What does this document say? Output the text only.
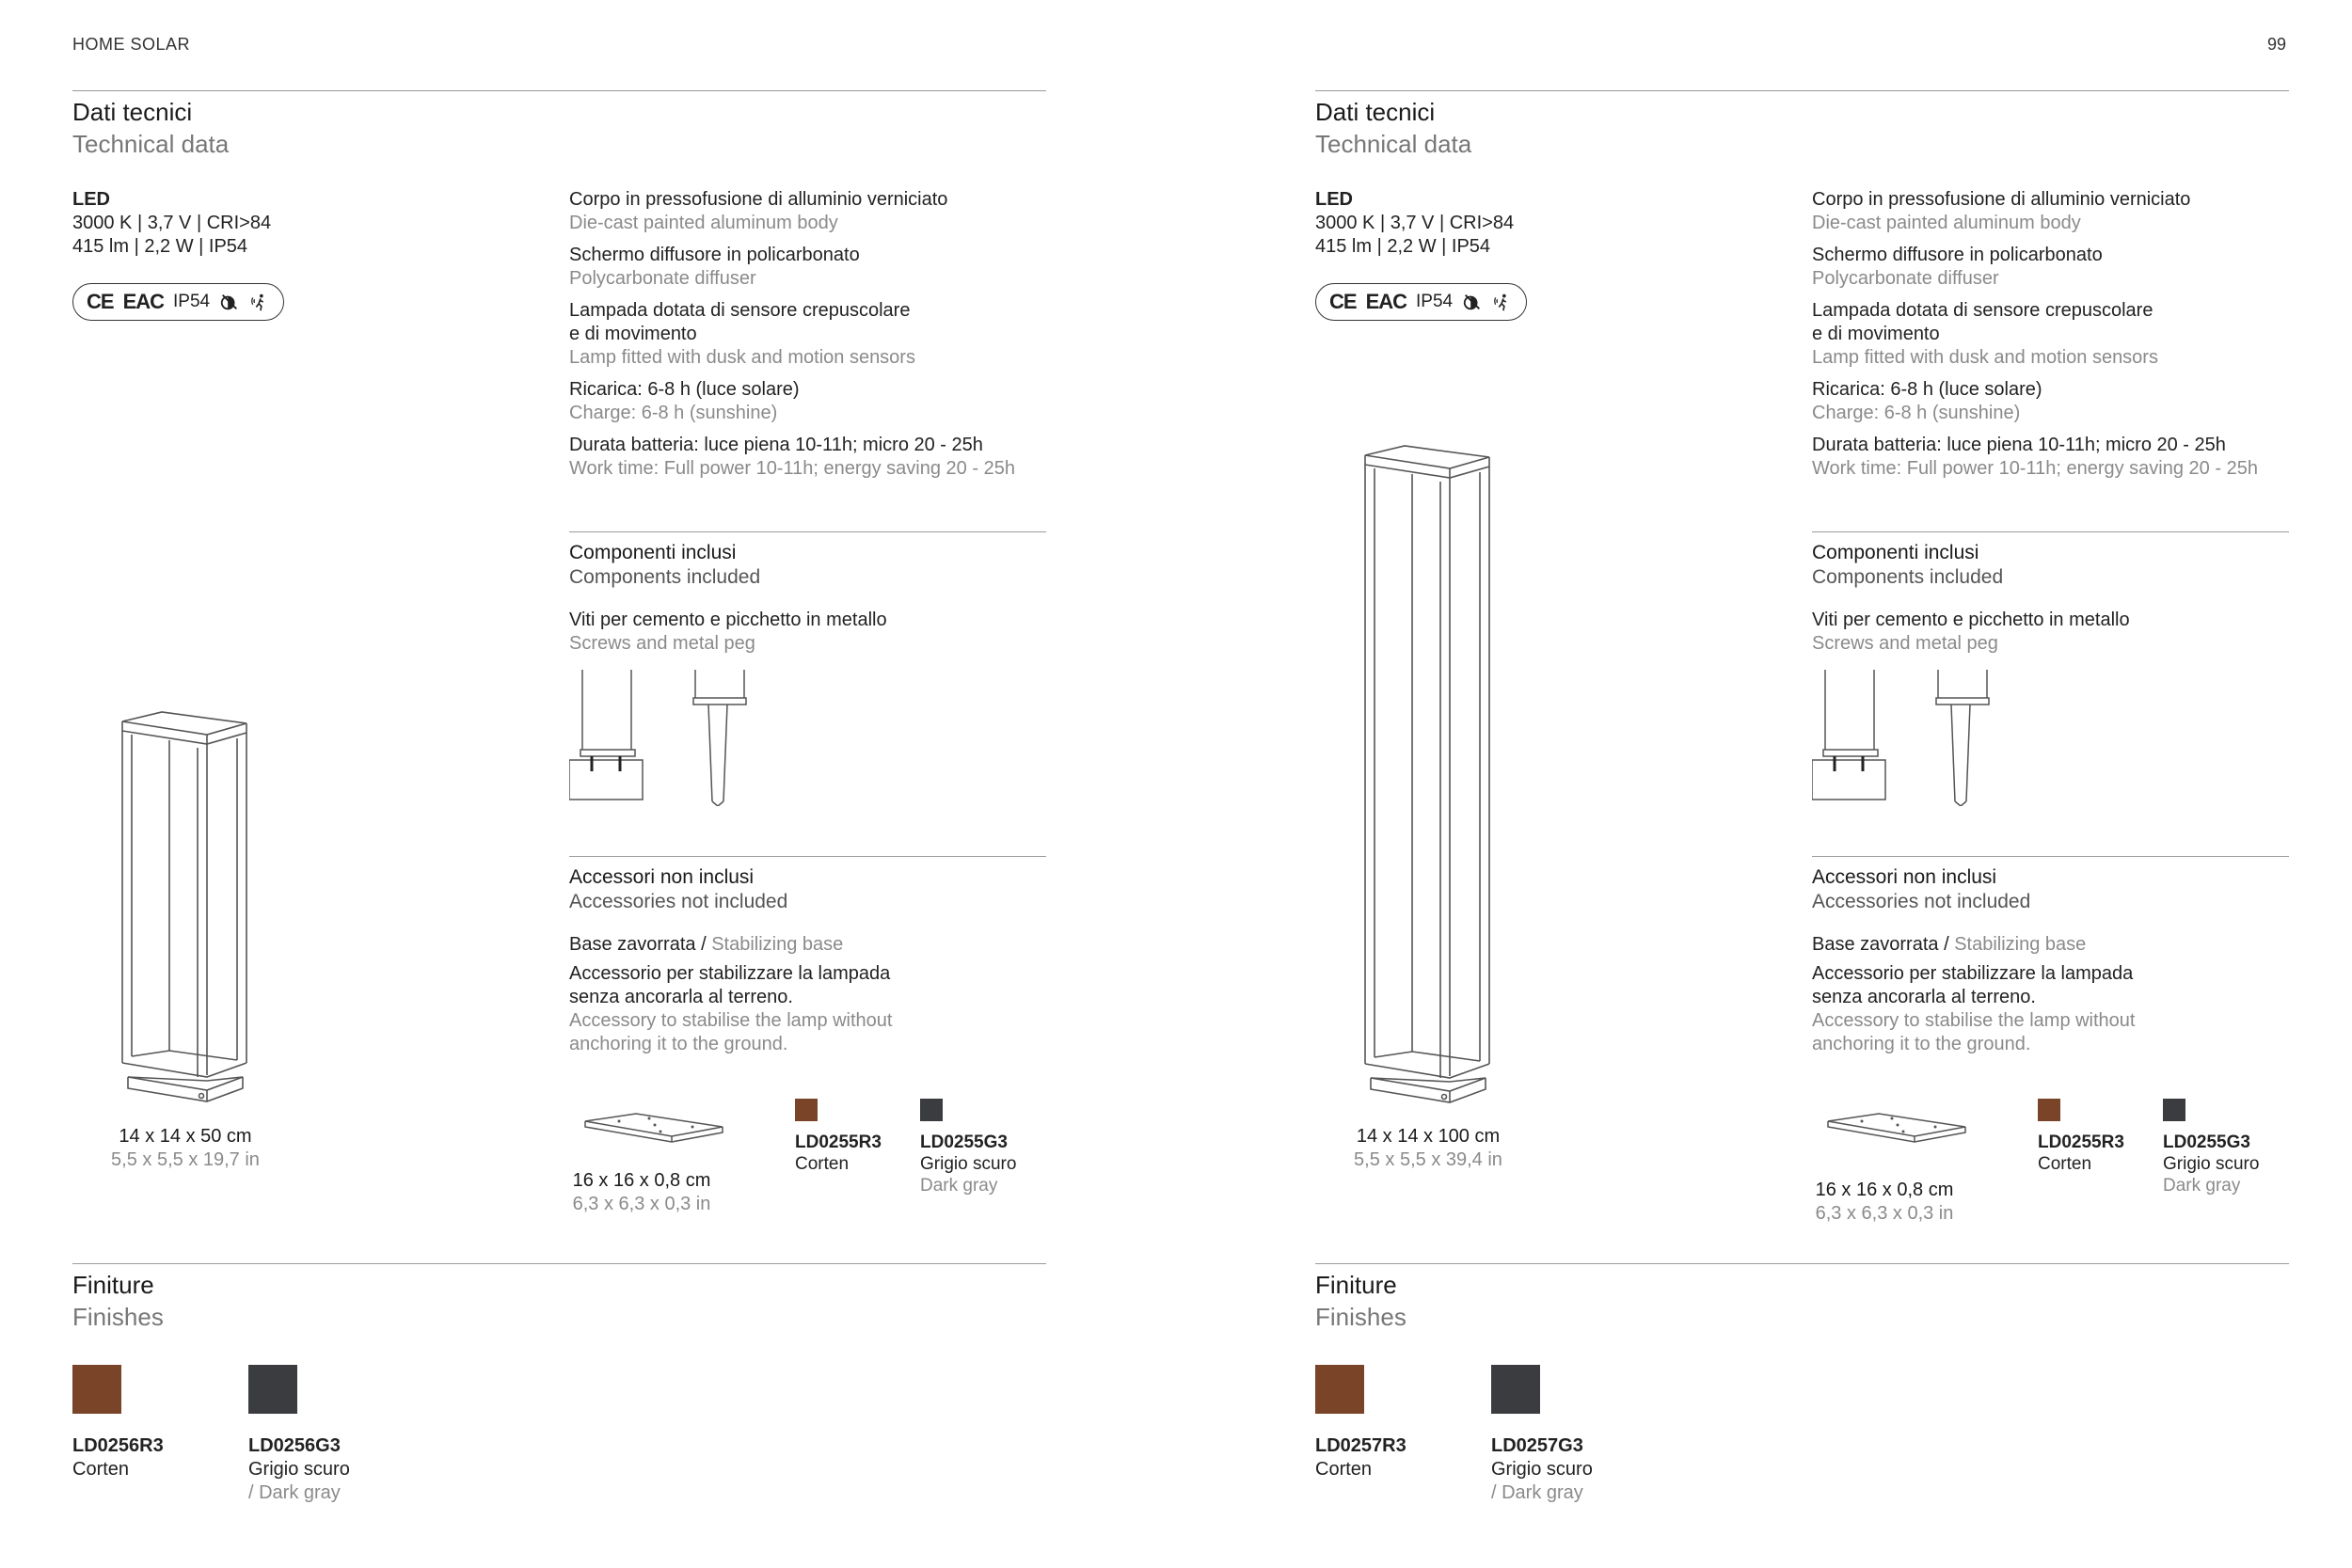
HOME SOLAR	99
Dati tecnici
Technical data
LED
3000 K | 3,7 V | CRI>84
415 lm | 2,2 W | IP54
CE EAC IP54
Corpo in pressofusione di alluminio verniciato
Die-cast painted aluminum body
Schermo diffusore in policarbonato
Polycarbonate diffuser
Lampada dotata di sensore crepuscolare
e di movimento
Lamp fitted with dusk and motion sensors
Ricarica: 6-8 h (luce solare)
Charge: 6-8 h (sunshine)
Durata batteria: luce piena 10-11h; micro 20 - 25h
Work time: Full power 10-11h; energy saving 20 - 25h
Componenti inclusi
Components included
Viti per cemento e picchetto in metallo
Screws and metal peg
Accessori non inclusi
Accessories not included
Base zavorrata / Stabilizing base
Accessorio per stabilizzare la lampada
senza ancorarla al terreno.
Accessory to stabilise the lamp without
anchoring it to the ground.
16 x 16 x 0,8 cm
6,3 x 6,3 x 0,3 in
LD0255R3
Corten
LD0255G3
Grigio scuro
Dark gray
14 x 14 x 50 cm
5,5 x 5,5 x 19,7 in
Finiture
Finishes
LD0256R3
Corten
LD0256G3
Grigio scuro
/ Dark gray
Dati tecnici
Technical data
LED
3000 K | 3,7 V | CRI>84
415 lm | 2,2 W | IP54
CE EAC IP54
Corpo in pressofusione di alluminio verniciato
Die-cast painted aluminum body
Schermo diffusore in policarbonato
Polycarbonate diffuser
Lampada dotata di sensore crepuscolare
e di movimento
Lamp fitted with dusk and motion sensors
Ricarica: 6-8 h (luce solare)
Charge: 6-8 h (sunshine)
Durata batteria: luce piena 10-11h; micro 20 - 25h
Work time: Full power 10-11h; energy saving 20 - 25h
Componenti inclusi
Components included
Viti per cemento e picchetto in metallo
Screws and metal peg
Accessori non inclusi
Accessories not included
Base zavorrata / Stabilizing base
Accessorio per stabilizzare la lampada
senza ancorarla al terreno.
Accessory to stabilise the lamp without
anchoring it to the ground.
16 x 16 x 0,8 cm
6,3 x 6,3 x 0,3 in
LD0255R3
Corten
LD0255G3
Grigio scuro
Dark gray
14 x 14 x 100 cm
5,5 x 5,5 x 39,4 in
Finiture
Finishes
LD0257R3
Corten
LD0257G3
Grigio scuro
/ Dark gray
